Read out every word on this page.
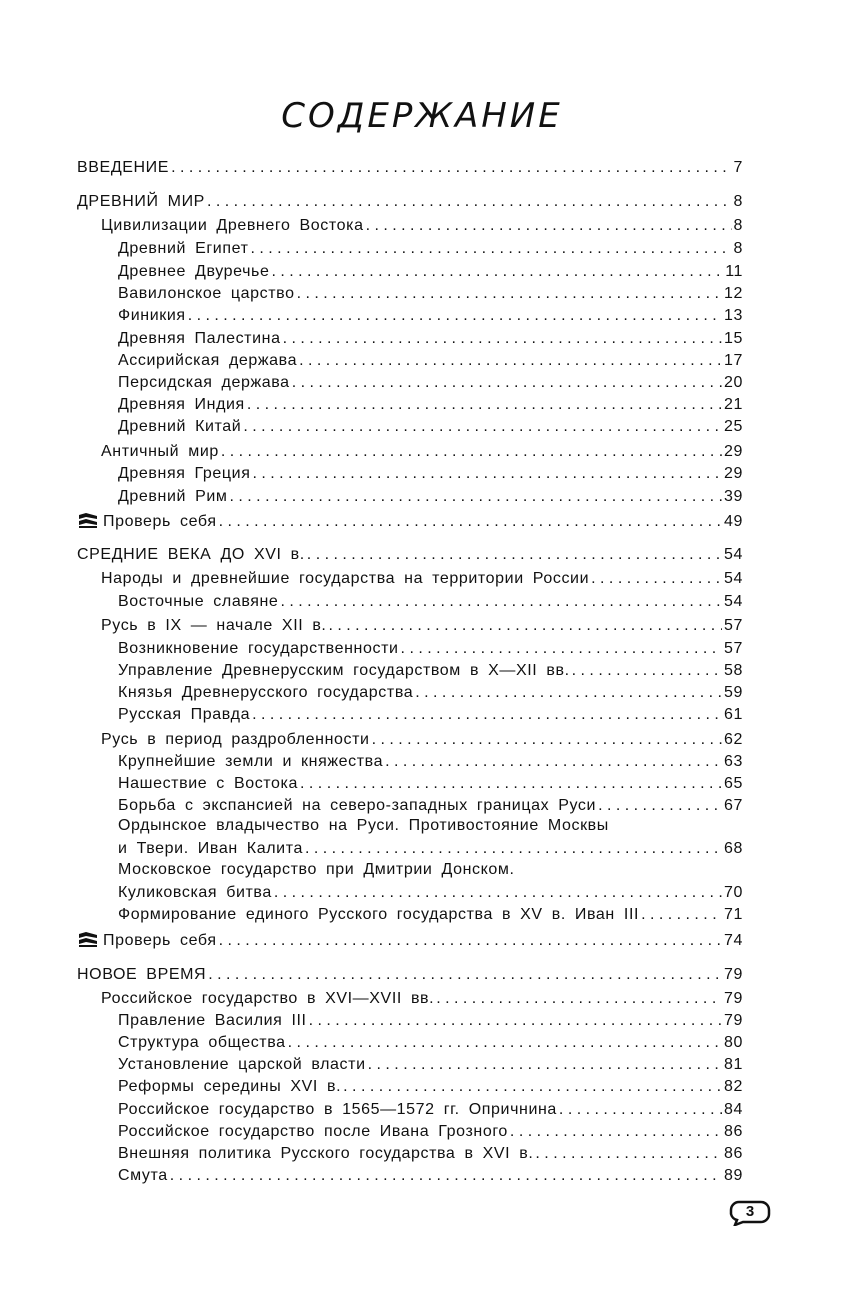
СОДЕРЖАНИЕ
ВВЕДЕНИЕ . . .	7
ДРЕВНИЙ МИР . . .	8
Цивилизации Древнего Востока . . .	8
Древний Египет . . .	8
Древнее Двуречье . . .	11
Вавилонское царство . . .	12
Финикия . . .	13
Древняя Палестина . . .	15
Ассирийская держава . . .	17
Персидская держава . . .	20
Древняя Индия . . .	21
Древний Китай . . .	25
Античный мир . . .	29
Древняя Греция . . .	29
Древний Рим . . .	39
Проверь себя . . .	49
СРЕДНИЕ ВЕКА ДО XVI в. . . .	54
Народы и древнейшие государства на территории России . . .	54
Восточные славяне . . .	54
Русь в IX — начале XII в. . . .	57
Возникновение государственности . . .	57
Управление Древнерусским государством в X—XII вв. . . .	58
Князья Древнерусского государства . . .	59
Русская Правда . . .	61
Русь в период раздробленности . . .	62
Крупнейшие земли и княжества . . .	63
Нашествие с Востока . . .	65
Борьба с экспансией на северо-западных границах Руси . . .	67
Ордынское владычество на Руси. Противостояние Москвы
и Твери. Иван Калита . . .	68
Московское государство при Дмитрии Донском.
Куликовская битва . . .	70
Формирование единого Русского государства в XV в. Иван III . . .	71
Проверь себя . . .	74
НОВОЕ ВРЕМЯ . . .	79
Российское государство в XVI—XVII вв. . . .	79
Правление Василия III . . .	79
Структура общества . . .	80
Установление царской власти . . .	81
Реформы середины XVI в. . . .	82
Российское государство в 1565—1572 гг. Опричнина . . .	84
Российское государство после Ивана Грозного . . .	86
Внешняя политика Русского государства в XVI в. . . .	86
Смута . . .	89
3
